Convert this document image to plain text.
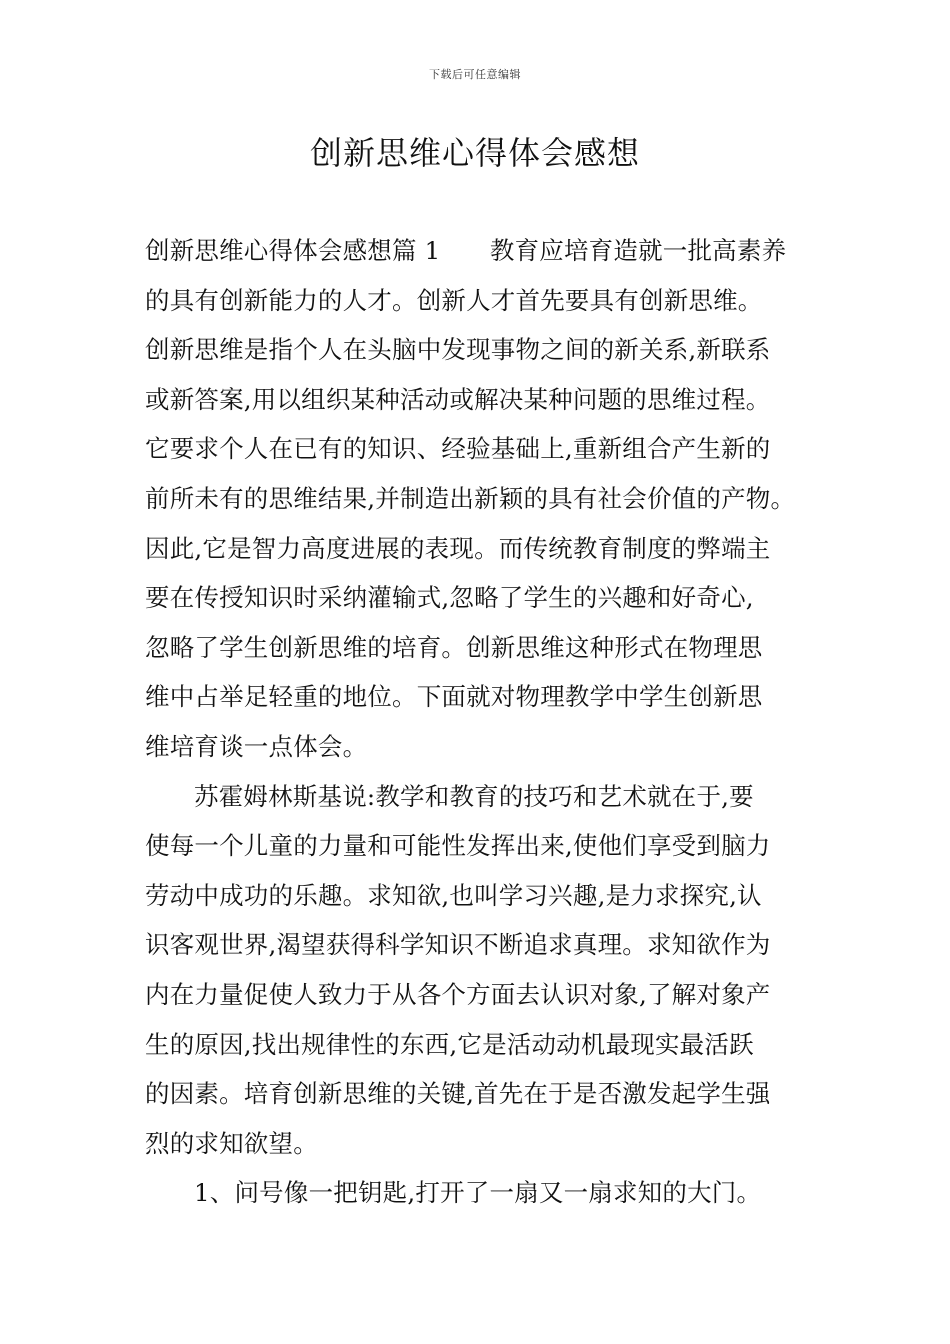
下载后可任意编辑
创新思维心得体会感想
创新思维心得体会感想篇 1　　教育应培育造就一批高素养
的具有创新能力的人才。创新人才首先要具有创新思维。
创新思维是指个人在头脑中发现事物之间的新关系,新联系
或新答案,用以组织某种活动或解决某种问题的思维过程。
它要求个人在已有的知识、经验基础上,重新组合产生新的
前所未有的思维结果,并制造出新颖的具有社会价值的产物。
因此,它是智力高度进展的表现。而传统教育制度的弊端主
要在传授知识时采纳灌输式,忽略了学生的兴趣和好奇心,
忽略了学生创新思维的培育。创新思维这种形式在物理思
维中占举足轻重的地位。下面就对物理教学中学生创新思
维培育谈一点体会。
苏霍姆林斯基说:教学和教育的技巧和艺术就在于,要
使每一个儿童的力量和可能性发挥出来,使他们享受到脑力
劳动中成功的乐趣。求知欲,也叫学习兴趣,是力求探究,认
识客观世界,渴望获得科学知识不断追求真理。求知欲作为
内在力量促使人致力于从各个方面去认识对象,了解对象产
生的原因,找出规律性的东西,它是活动动机最现实最活跃
的因素。培育创新思维的关键,首先在于是否激发起学生强
烈的求知欲望。
1、问号像一把钥匙,打开了一扇又一扇求知的大门。
